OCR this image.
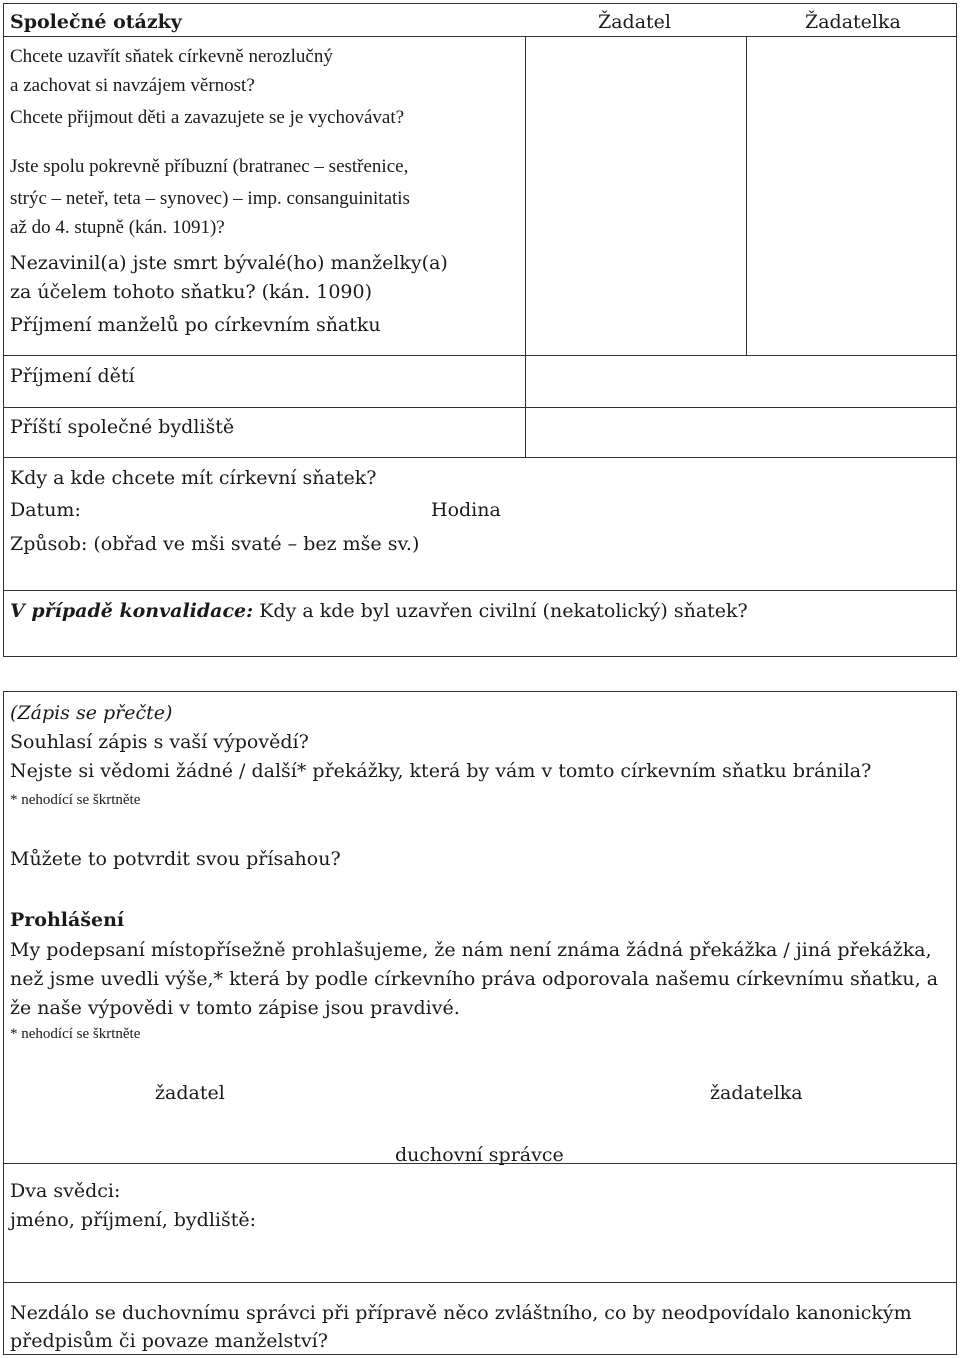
Společné otázky	Žadatel	Žadatelka
Chcete uzavřít sňatek církevně nerozlučný
a zachovat si navzájem věrnost?
Chcete přijmout děti a zavazujete se je vychovávat?
Jste spolu pokrevně příbuzní (bratranec – sestřenice,
strýc – neteř, teta – synovec) – imp. consanguinitatis
až do 4. stupně (kán. 1091)?
Nezavinil(a) jste smrt bývalé(ho) manželky(a)
za účelem tohoto sňatku? (kán. 1090)
Příjmení manželů po církevním sňatku
Příjmení dětí
Příští společné bydliště
Kdy a kde chcete mít církevní sňatek?
Datum:	Hodina
Způsob: (obřad ve mši svaté – bez mše sv.)
V případě konvalidace: Kdy a kde byl uzavřen civilní (nekatolický) sňatek?
(Zápis se přečte)
Souhlasí zápis s vaší výpovědí?
Nejste si vědomi žádné / další* překážky, která by vám v tomto církevním sňatku bránila?
* nehodící se škrtněte
Můžete to potvrdit svou přísahou?
Prohlášení
My podepsaní místopřísežně prohlašujeme, že nám není známa žádná překážka / jiná překážka,
než jsme uvedli výše,* která by podle církevního práva odporovala našemu církevnímu sňatku, a
že naše výpovědi v tomto zápise jsou pravdivé.
* nehodící se škrtněte
žadatel	žadatelka
duchovní správce
Dva svědci:
jméno, příjmení, bydliště:
Nezdálo se duchovnímu správci při přípravě něco zvláštního, co by neodpovídalo kanonickým
předpisům či povaze manželství?
